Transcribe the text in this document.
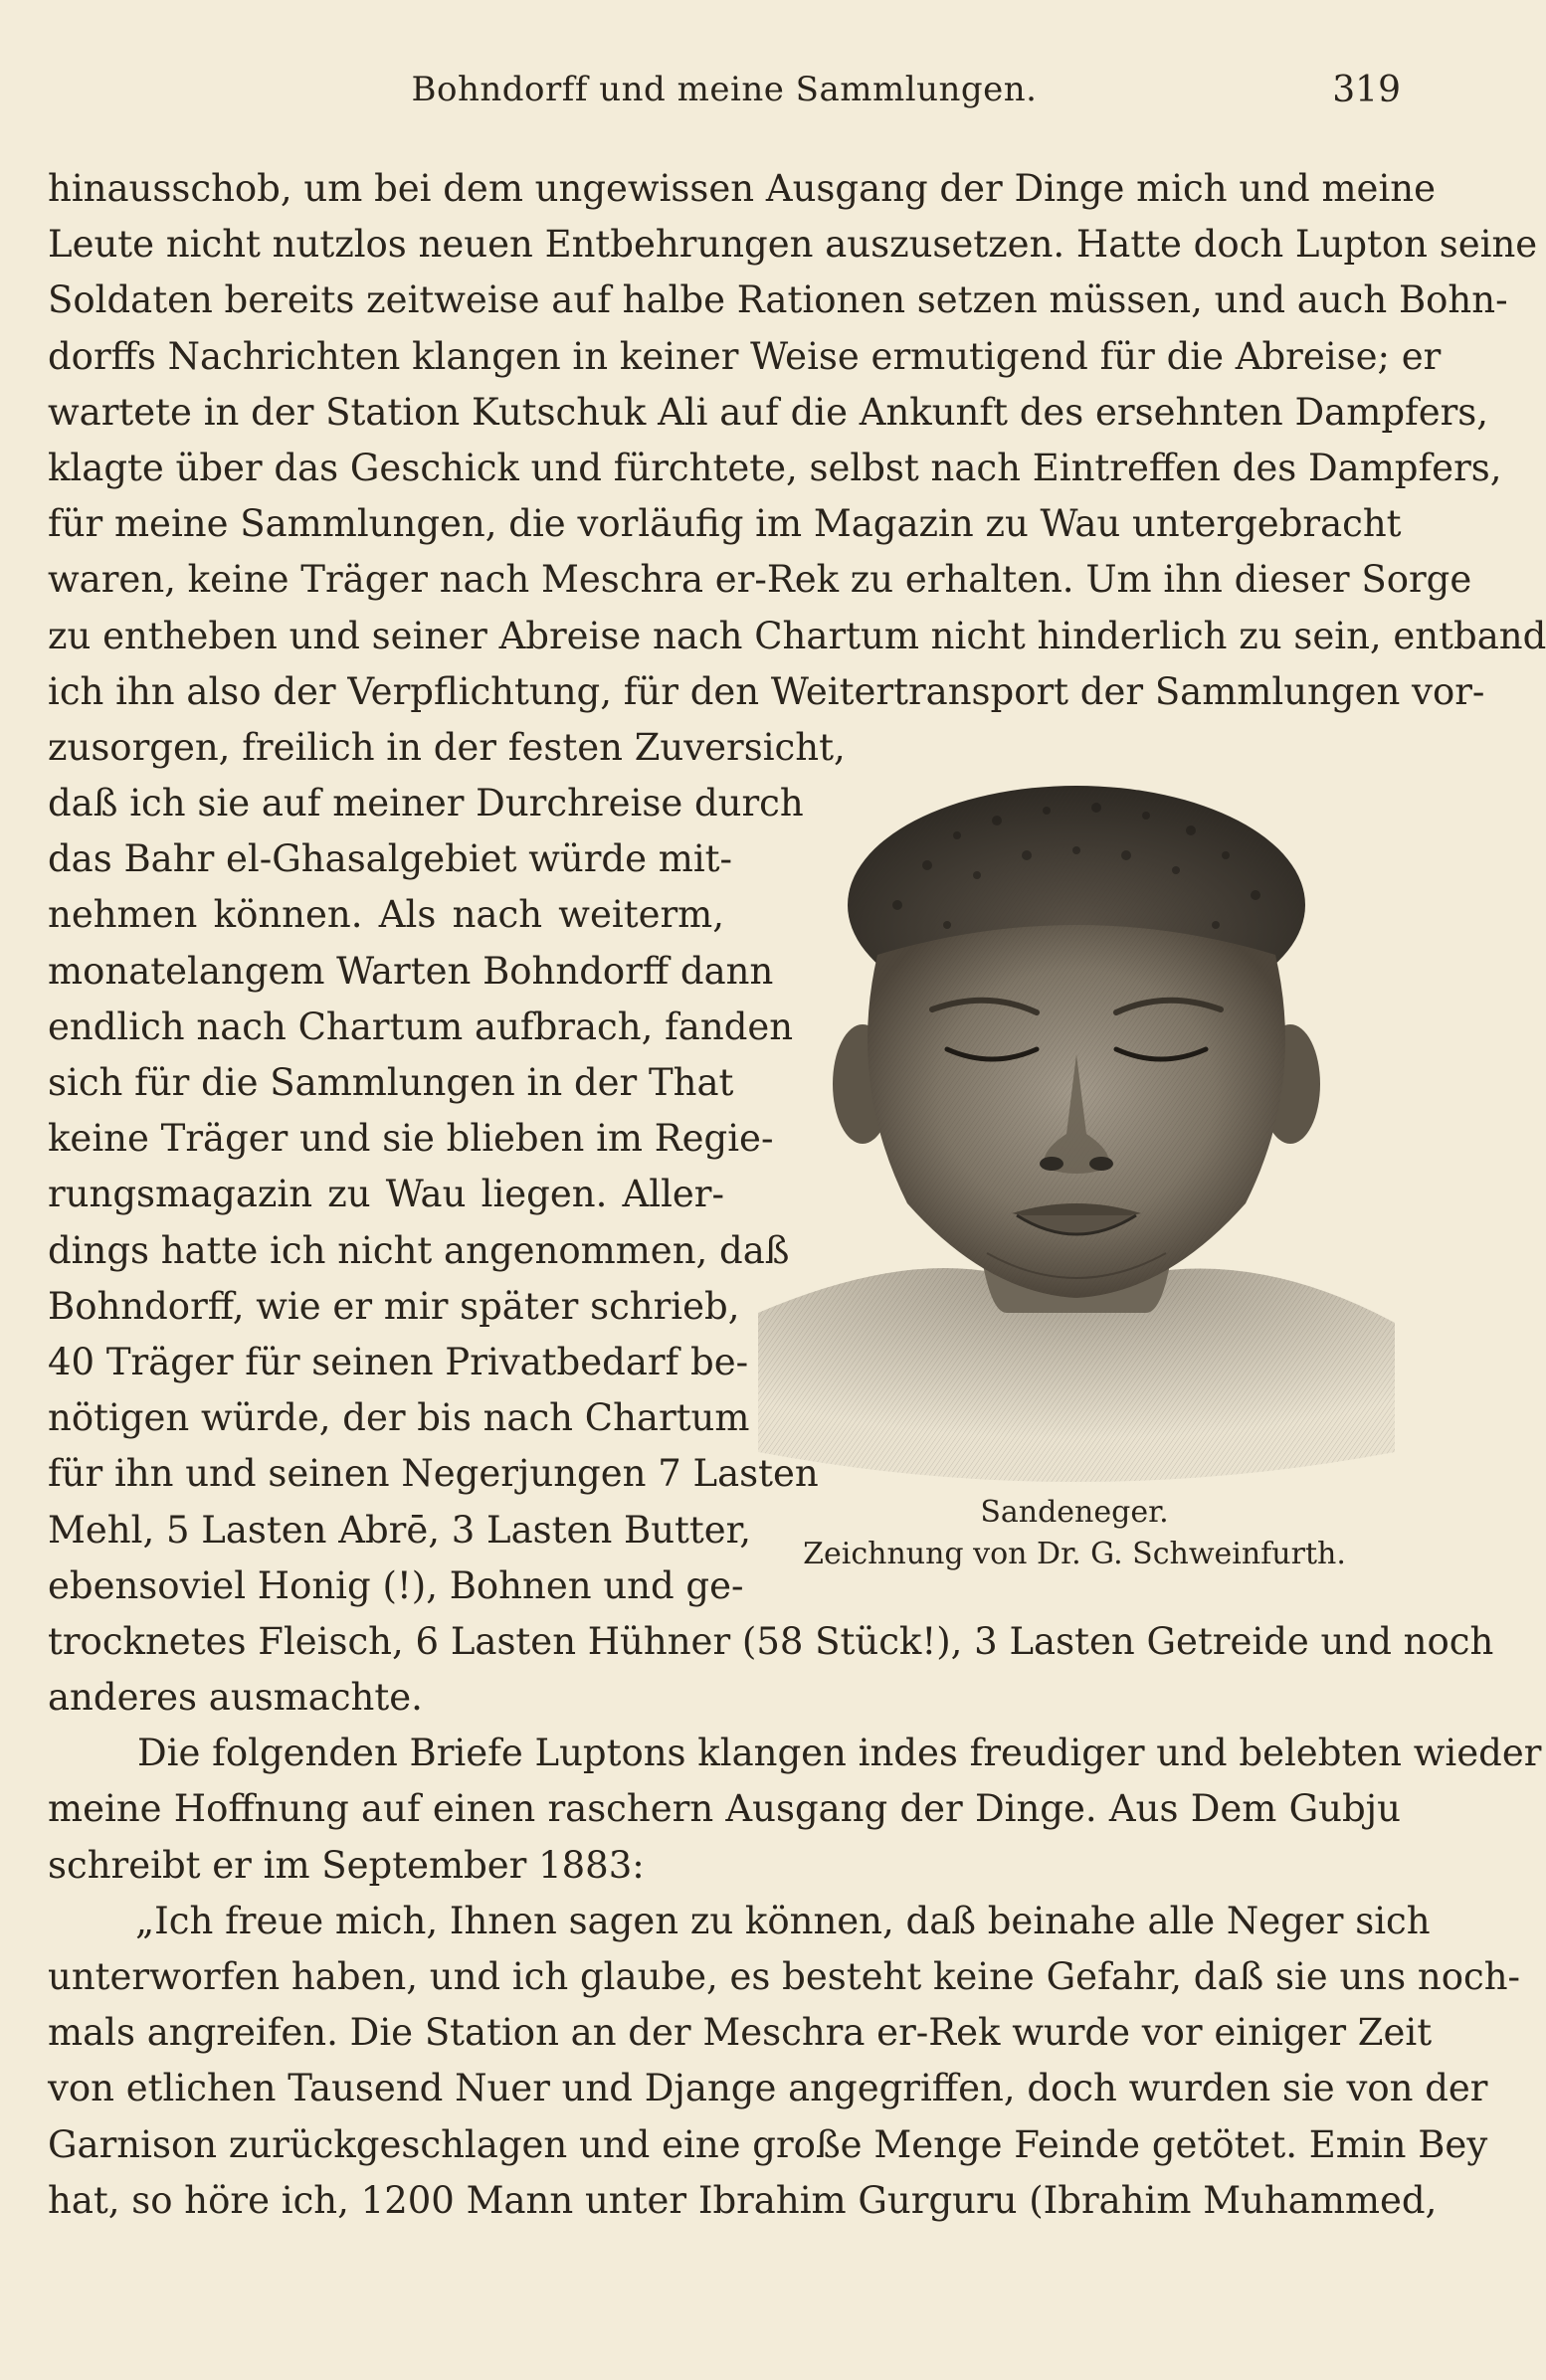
Bohndorff und meine Sammlungen.	319
hinausschob, um bei dem ungewissen Ausgang der Dinge mich und meine
Leute nicht nutzlos neuen Entbehrungen auszusetzen. Hatte doch Lupton seine
Soldaten bereits zeitweise auf halbe Rationen setzen müssen, und auch Bohn-
dorffs Nachrichten klangen in keiner Weise ermutigend für die Abreise; er
wartete in der Station Kutschuk Ali auf die Ankunft des ersehnten Dampfers,
klagte über das Geschick und fürchtete, selbst nach Eintreffen des Dampfers,
für meine Sammlungen, die vorläufig im Magazin zu Wau untergebracht
waren, keine Träger nach Meschra er-Rek zu erhalten. Um ihn dieser Sorge
zu entheben und seiner Abreise nach Chartum nicht hinderlich zu sein, entband
ich ihn also der Verpflichtung, für den Weitertransport der Sammlungen vor-
zusorgen, freilich in der festen Zuversicht,
daß ich sie auf meiner Durchreise durch
das Bahr el-Ghasalgebiet würde mit-
nehmen können. Als nach weiterm,
monatelangem Warten Bohndorff dann
endlich nach Chartum aufbrach, fanden
sich für die Sammlungen in der That
keine Träger und sie blieben im Regie-
rungsmagazin zu Wau liegen. Aller-
dings hatte ich nicht angenommen, daß
Bohndorff, wie er mir später schrieb,
40 Träger für seinen Privatbedarf be-
nötigen würde, der bis nach Chartum
für ihn und seinen Negerjungen 7 Lasten
Mehl, 5 Lasten Abrē, 3 Lasten Butter,
ebensoviel Honig (!), Bohnen und ge-
trocknetes Fleisch, 6 Lasten Hühner (58 Stück!), 3 Lasten Getreide und noch
anderes ausmachte.
Die folgenden Briefe Luptons klangen indes freudiger und belebten wieder
meine Hoffnung auf einen raschern Ausgang der Dinge. Aus Dem Gubju
schreibt er im September 1883:
„Ich freue mich, Ihnen sagen zu können, daß beinahe alle Neger sich
unterworfen haben, und ich glaube, es besteht keine Gefahr, daß sie uns noch-
mals angreifen. Die Station an der Meschra er-Rek wurde vor einiger Zeit
von etlichen Tausend Nuer und Djange angegriffen, doch wurden sie von der
Garnison zurückgeschlagen und eine große Menge Feinde getötet. Emin Bey
hat, so höre ich, 1200 Mann unter Ibrahim Gurguru (Ibrahim Muhammed,
Sandeneger.
Zeichnung von Dr. G. Schweinfurth.
